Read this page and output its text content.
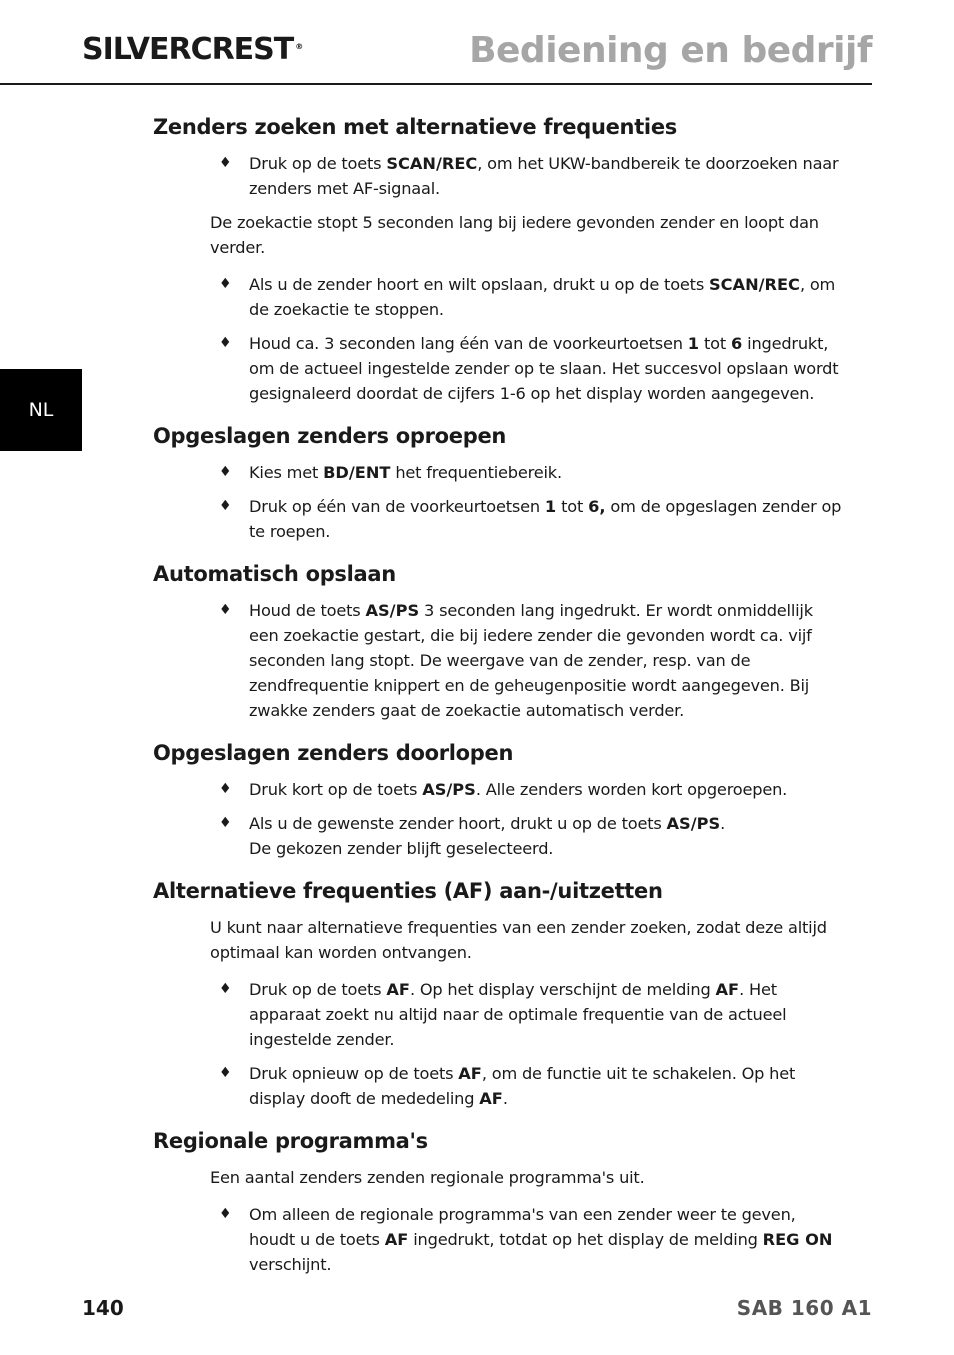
SILVERCREST ®	Bediening en bedrijf
NL
Zenders zoeken met alternatieve frequenties
♦ Druk op de toets SCAN/REC, om het UKW-bandbereik te doorzoeken naar zenders met AF-signaal.

De zoekactie stopt 5 seconden lang bij iedere gevonden zender en loopt dan verder.

♦ Als u de zender hoort en wilt opslaan, drukt u op de toets SCAN/REC, om de zoekactie te stoppen.
♦ Houd ca. 3 seconden lang één van de voorkeurtoetsen 1 tot 6 ingedrukt, om de actueel ingestelde zender op te slaan. Het succesvol opslaan wordt gesignaleerd doordat de cijfers 1-6 op het display worden aangegeven.
Opgeslagen zenders oproepen
♦ Kies met BD/ENT het frequentiebereik.
♦ Druk op één van de voorkeurtoetsen 1 tot 6, om de opgeslagen zender op te roepen.
Automatisch opslaan
♦ Houd de toets AS/PS 3 seconden lang ingedrukt. Er wordt onmiddellijk een zoekactie gestart, die bij iedere zender die gevonden wordt ca. vijf seconden lang stopt. De weergave van de zender, resp. van de zendfrequentie knippert en de geheugenpositie wordt aangegeven. Bij zwakke zenders gaat de zoekactie automatisch verder.
Opgeslagen zenders doorlopen
♦ Druk kort op de toets AS/PS. Alle zenders worden kort opgeroepen.
♦ Als u de gewenste zender hoort, drukt u op de toets AS/PS.
De gekozen zender blijft geselecteerd.
Alternatieve frequenties (AF) aan-/uitzetten

U kunt naar alternatieve frequenties van een zender zoeken, zodat deze altijd optimaal kan worden ontvangen.

♦ Druk op de toets AF. Op het display verschijnt de melding AF. Het apparaat zoekt nu altijd naar de optimale frequentie van de actueel ingestelde zender.
♦ Druk opnieuw op de toets AF, om de functie uit te schakelen. Op het display dooft de mededeling AF.
Regionale programma's

Een aantal zenders zenden regionale programma's uit.

♦ Om alleen de regionale programma's van een zender weer te geven, houdt u de toets AF ingedrukt, totdat op het display de melding REG ON verschijnt.
140	SAB 160 A1
